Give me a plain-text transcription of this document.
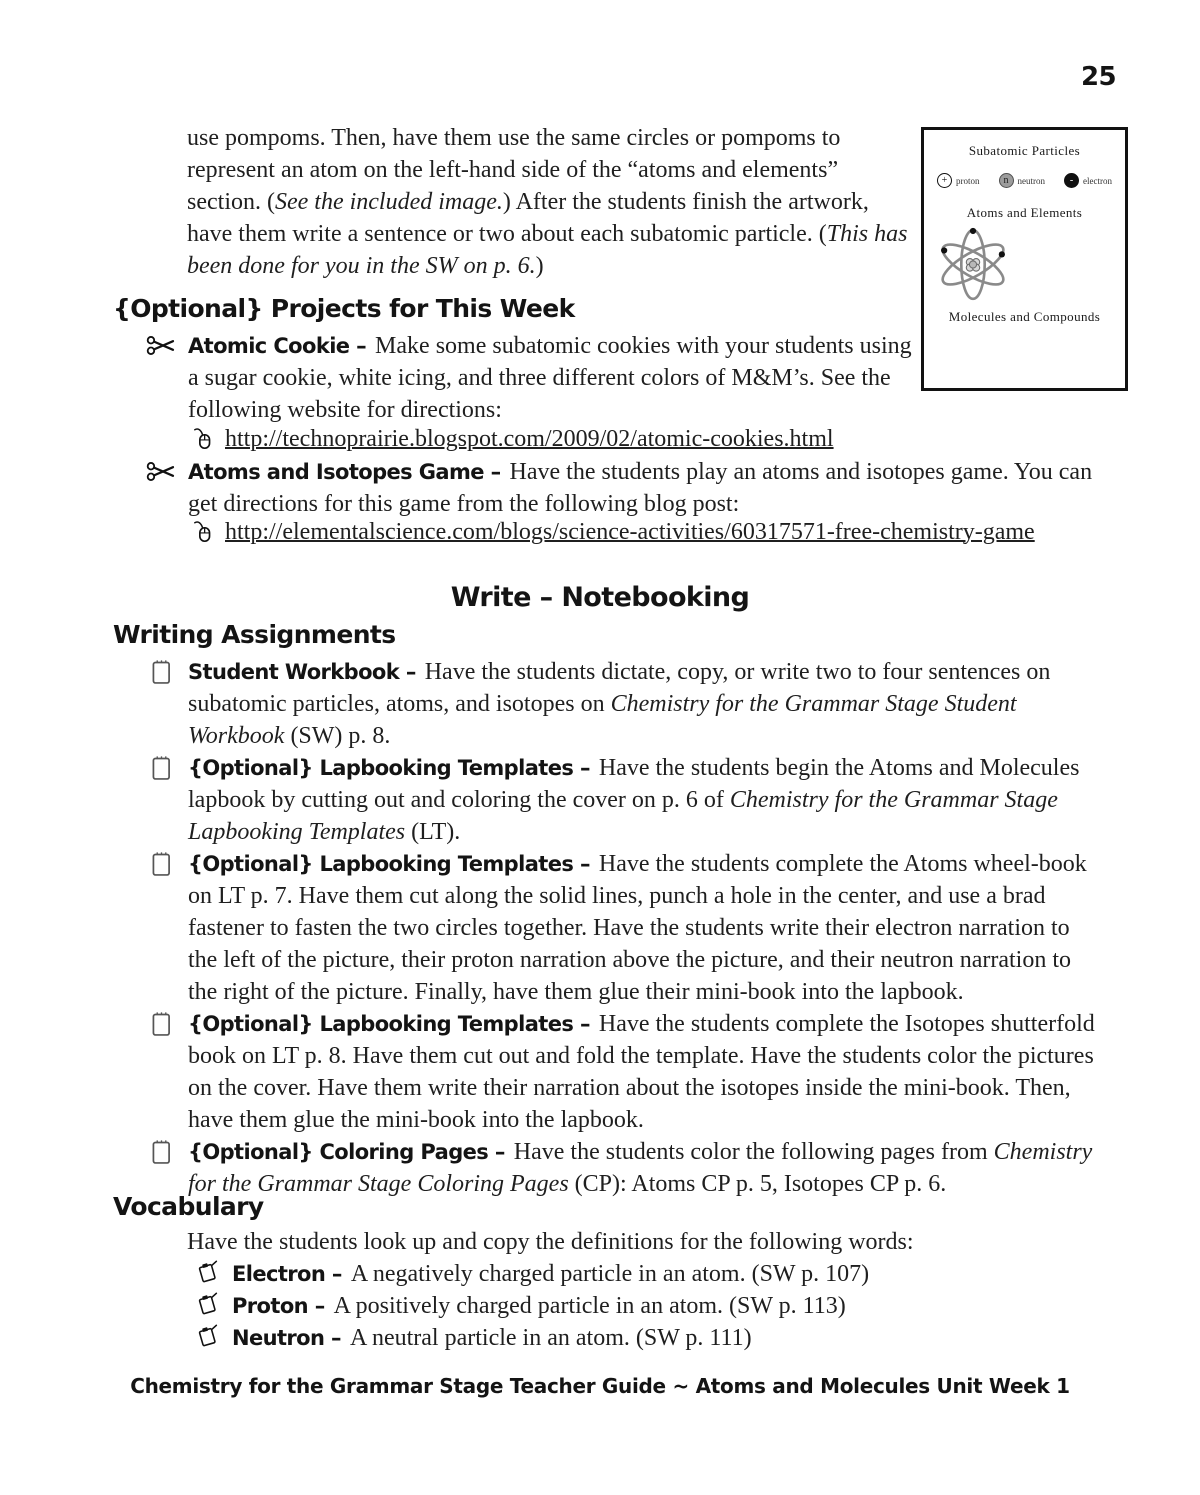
25

use pompoms. Then, have them use the same circles or pompoms to represent an atom on the left-hand side of the “atoms and elements” section. (See the included image.) After the students finish the artwork, have them write a sentence or two about each subatomic particle. (This has been done for you in the SW on p. 6.)

Subatomic Particles
+ proton	n	neutron	-	electron
Atoms and Elements
Molecules and Compounds
{Optional} Projects for This Week
Atomic Cookie – Make some subatomic cookies with your students using a sugar cookie, white icing, and three different colors of M&M’s. See the following website for directions:
http://technoprairie.blogspot.com/2009/02/atomic-cookies.html
Atoms and Isotopes Game – Have the students play an atoms and isotopes game. You can get directions for this game from the following blog post:
http://elementalscience.com/blogs/science-activities/60317571-free-chemistry-game
Write – Notebooking
Writing Assignments
Student Workbook – Have the students dictate, copy, or write two to four sentences on subatomic particles, atoms, and isotopes on Chemistry for the Grammar Stage Student Workbook (SW) p. 8.
{Optional} Lapbooking Templates – Have the students begin the Atoms and Molecules lapbook by cutting out and coloring the cover on p. 6 of Chemistry for the Grammar Stage Lapbooking Templates (LT).
{Optional} Lapbooking Templates – Have the students complete the Atoms wheel-book on LT p. 7. Have them cut along the solid lines, punch a hole in the center, and use a brad fastener to fasten the two circles together. Have the students write their electron narration to the left of the picture, their proton narration above the picture, and their neutron narration to the right of the picture. Finally, have them glue their mini-book into the lapbook.
{Optional} Lapbooking Templates – Have the students complete the Isotopes shutterfold book on LT p. 8. Have them cut out and fold the template. Have the students color the pictures on the cover. Have them write their narration about the isotopes inside the mini-book. Then, have them glue the mini-book into the lapbook.
{Optional} Coloring Pages – Have the students color the following pages from Chemistry for the Grammar Stage Coloring Pages (CP): Atoms CP p. 5, Isotopes CP p. 6.
Vocabulary

Have the students look up and copy the definitions for the following words:

Electron – A negatively charged particle in an atom. (SW p. 107)
Proton – A positively charged particle in an atom. (SW p. 113)
Neutron – A neutral particle in an atom. (SW p. 111)
Chemistry for the Grammar Stage Teacher Guide ~ Atoms and Molecules Unit Week 1
